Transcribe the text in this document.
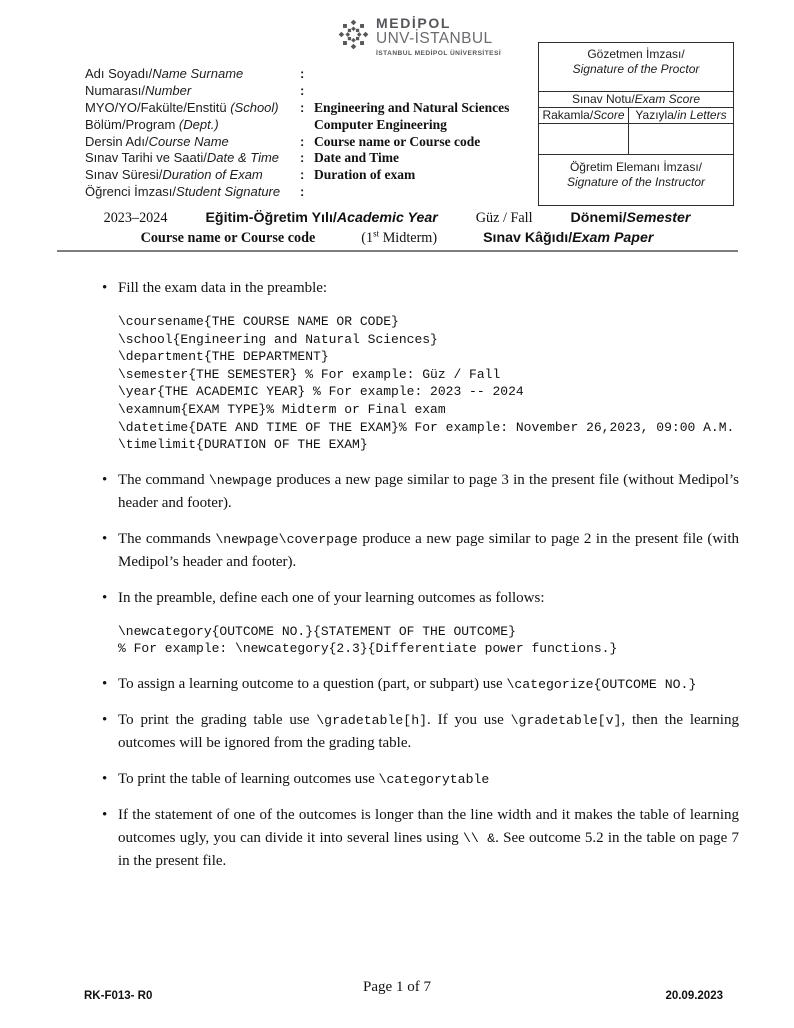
MEDİPOL
UNV-İSTANBUL
İSTANBUL MEDİPOL ÜNİVERSİTESİ
Adı Soyadı/Name Surname	:
Numarası/Number	:
MYO/YO/Fakülte/Enstitü (School)	: Engineering and Natural Sciences
Bölüm/Program (Dept.)	Computer Engineering
Dersin Adı/Course Name	: Course name or Course code
Sınav Tarihi ve Saati/Date & Time	: Date and Time
Sınav Süresi/Duration of Exam	: Duration of exam
Öğrenci İmzası/Student Signature	:
Gözetmen İmzası/
Signature of the Proctor
Sınav Notu/Exam Score
Rakamla/Score Yazıyla/in Letters
Öğretim Elemanı İmzası/
Signature of the Instructor
2023–2024	Eğitim-Öğretim Yılı/Academic Year	Güz / Fall	Dönemi/Semester
Course name or Course code	(1st Midterm)	Sınav Kâğıdı/Exam Paper
• Fill the exam data in the preamble:
\coursename{THE COURSE NAME OR CODE}
\school{Engineering and Natural Sciences}
\department{THE DEPARTMENT}
\semester{THE SEMESTER} % For example: Güz / Fall
\year{THE ACADEMIC YEAR} % For example: 2023 -- 2024
\examnum{EXAM TYPE}% Midterm or Final exam
\datetime{DATE AND TIME OF THE EXAM}% For example: November 26,2023, 09:00 A.M.
\timelimit{DURATION OF THE EXAM}
• The command \newpage produces a new page similar to page 3 in the present file (without Medipol’s header and footer).
• The commands \newpage\coverpage produce a new page similar to page 2 in the present file (with Medipol’s header and footer).
• In the preamble, define each one of your learning outcomes as follows:
\newcategory{OUTCOME NO.}{STATEMENT OF THE OUTCOME}
% For example: \newcategory{2.3}{Differentiate power functions.}
• To assign a learning outcome to a question (part, or subpart) use \categorize{OUTCOME NO.}
• To print the grading table use \gradetable[h]. If you use \gradetable[v], then the learning outcomes will be ignored from the grading table.
• To print the table of learning outcomes use \categorytable
• If the statement of one of the outcomes is longer than the line width and it makes the table of learning outcomes ugly, you can divide it into several lines using \\ &. See outcome 5.2 in the table on page 7 in the present file.
Page 1 of 7
RK-F013- R0	20.09.2023
